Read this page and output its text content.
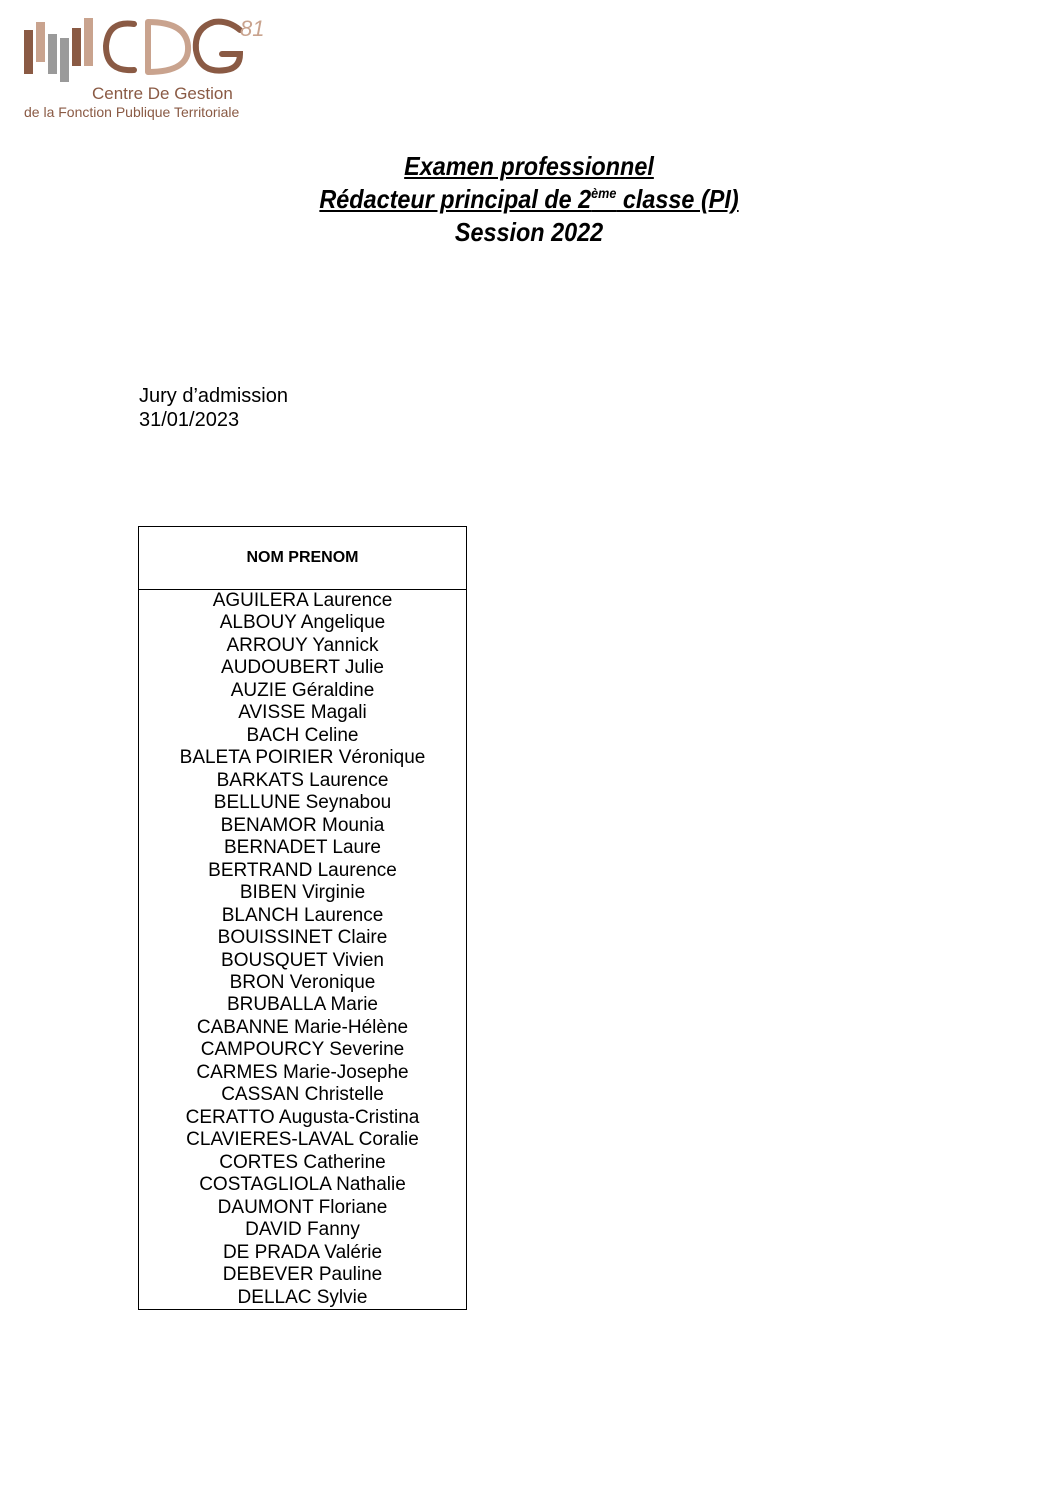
81
Centre De Gestion
de la Fonction Publique Territoriale
Examen professionnel
Rédacteur principal de 2ème classe (PI)
Session 2022
Jury d’admission
31/01/2023
NOM PRENOM
AGUILERA Laurence
ALBOUY Angelique
ARROUY Yannick
AUDOUBERT Julie
AUZIE Géraldine
AVISSE Magali
BACH Celine
BALETA POIRIER Véronique
BARKATS Laurence
BELLUNE Seynabou
BENAMOR Mounia
BERNADET Laure
BERTRAND Laurence
BIBEN Virginie
BLANCH Laurence
BOUISSINET Claire
BOUSQUET Vivien
BRON Veronique
BRUBALLA Marie
CABANNE Marie-Hélène
CAMPOURCY Severine
CARMES Marie-Josephe
CASSAN Christelle
CERATTO Augusta-Cristina
CLAVIERES-LAVAL Coralie
CORTES Catherine
COSTAGLIOLA Nathalie
DAUMONT Floriane
DAVID Fanny
DE PRADA Valérie
DEBEVER Pauline
DELLAC Sylvie
